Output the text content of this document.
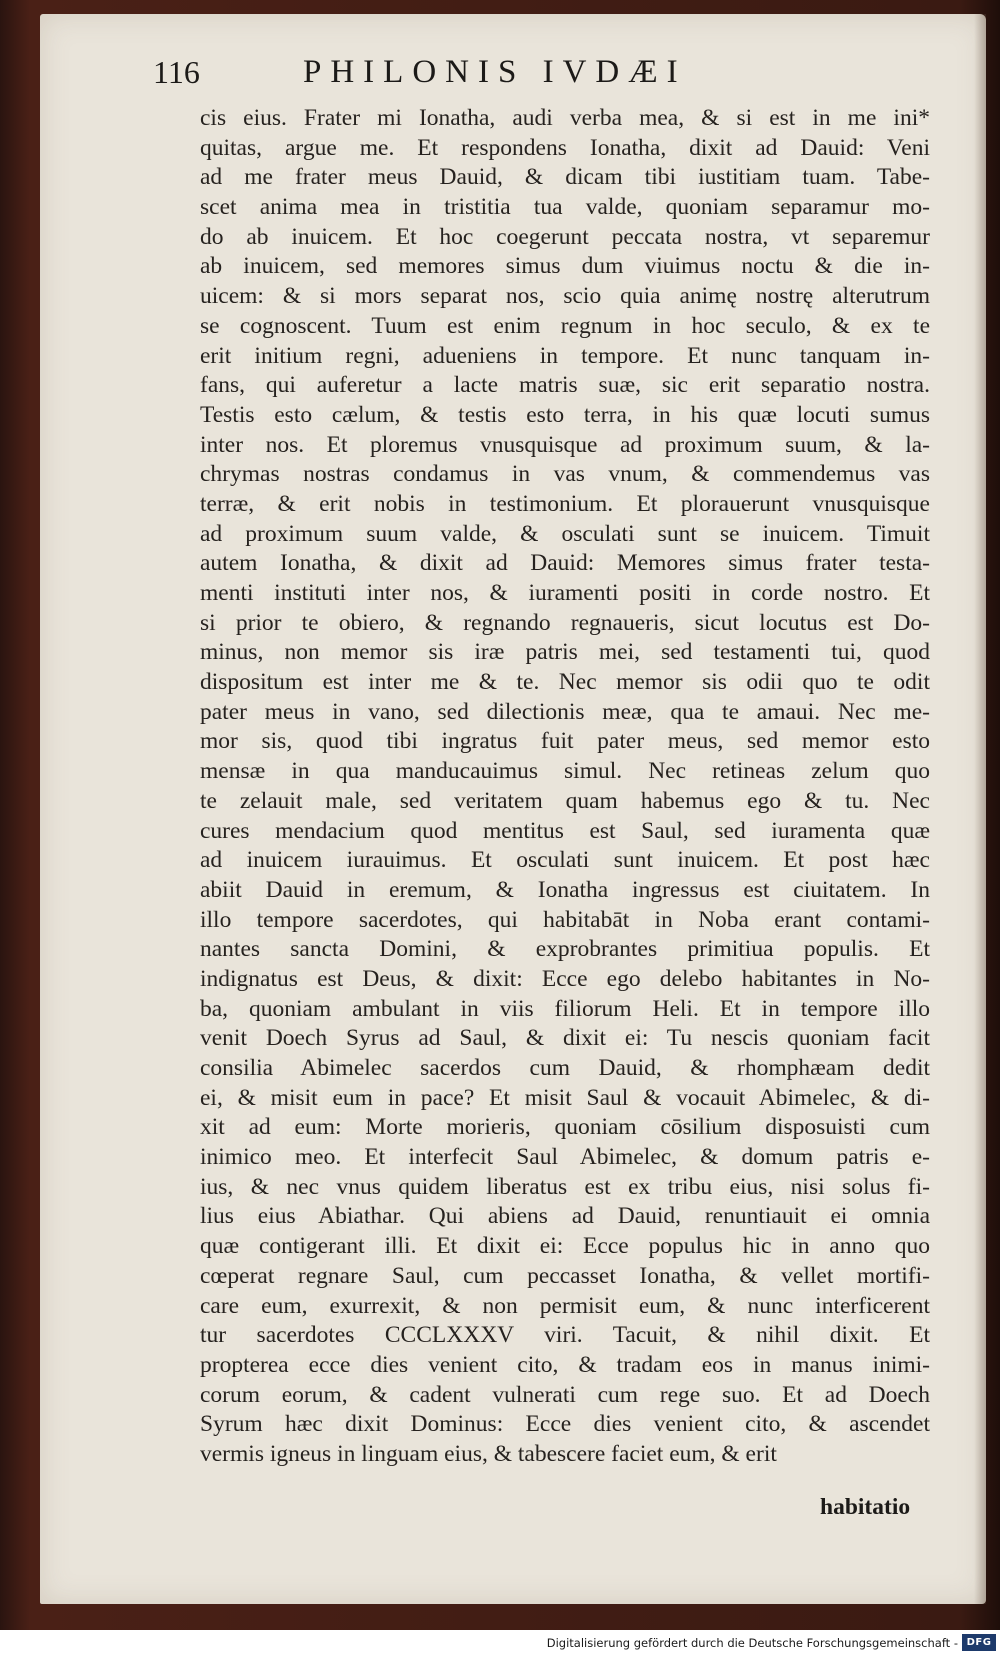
116	PHILONIS IVDÆI
cis eius. Frater mi Ionatha, audi verba mea, & si est in me ini*
quitas, argue me. Et respondens Ionatha, dixit ad Dauid: Veni
ad me frater meus Dauid, & dicam tibi iustitiam tuam. Tabe-
scet anima mea in tristitia tua valde, quoniam separamur mo-
do ab inuicem. Et hoc coegerunt peccata nostra, vt separemur
ab inuicem, sed memores simus dum viuimus noctu & die in-
uicem: & si mors separat nos, scio quia animę nostrę alterutrum
se cognoscent. Tuum est enim regnum in hoc seculo, & ex te
erit initium regni, adueniens in tempore. Et nunc tanquam in-
fans, qui auferetur a lacte matris suæ, sic erit separatio nostra.
Testis esto cælum, & testis esto terra, in his quæ locuti sumus
inter nos. Et ploremus vnusquisque ad proximum suum, & la-
chrymas nostras condamus in vas vnum, & commendemus vas
terræ, & erit nobis in testimonium. Et plorauerunt vnusquisque
ad proximum suum valde, & osculati sunt se inuicem. Timuit
autem Ionatha, & dixit ad Dauid: Memores simus frater testa-
menti instituti inter nos, & iuramenti positi in corde nostro. Et
si prior te obiero, & regnando regnaueris, sicut locutus est Do-
minus, non memor sis iræ patris mei, sed testamenti tui, quod
dispositum est inter me & te. Nec memor sis odii quo te odit
pater meus in vano, sed dilectionis meæ, qua te amaui. Nec me-
mor sis, quod tibi ingratus fuit pater meus, sed memor esto
mensæ in qua manducauimus simul. Nec retineas zelum quo
te zelauit male, sed veritatem quam habemus ego & tu. Nec
cures mendacium quod mentitus est Saul, sed iuramenta quæ
ad inuicem iurauimus. Et osculati sunt inuicem. Et post hæc
abiit Dauid in eremum, & Ionatha ingressus est ciuitatem. In
illo tempore sacerdotes, qui habitabāt in Noba erant contami-
nantes sancta Domini, & exprobrantes primitiua populis. Et
indignatus est Deus, & dixit: Ecce ego delebo habitantes in No-
ba, quoniam ambulant in viis filiorum Heli. Et in tempore illo
venit Doech Syrus ad Saul, & dixit ei: Tu nescis quoniam facit
consilia Abimelec sacerdos cum Dauid, & rhomphæam dedit
ei, & misit eum in pace? Et misit Saul & vocauit Abimelec, & di-
xit ad eum: Morte morieris, quoniam cōsilium disposuisti cum
inimico meo. Et interfecit Saul Abimelec, & domum patris e-
ius, & nec vnus quidem liberatus est ex tribu eius, nisi solus fi-
lius eius Abiathar. Qui abiens ad Dauid, renuntiauit ei omnia
quæ contigerant illi. Et dixit ei: Ecce populus hic in anno quo
cœperat regnare Saul, cum peccasset Ionatha, & vellet mortifi-
care eum, exurrexit, & non permisit eum, & nunc interficerent
tur sacerdotes CCCLXXXV viri. Tacuit, & nihil dixit. Et
propterea ecce dies venient cito, & tradam eos in manus inimi-
corum eorum, & cadent vulnerati cum rege suo. Et ad Doech
Syrum hæc dixit Dominus: Ecce dies venient cito, & ascendet
vermis igneus in linguam eius, & tabescere faciet eum, & erit
habitatio
Digitalisierung gefördert durch die Deutsche Forschungsgemeinschaft - DFG
